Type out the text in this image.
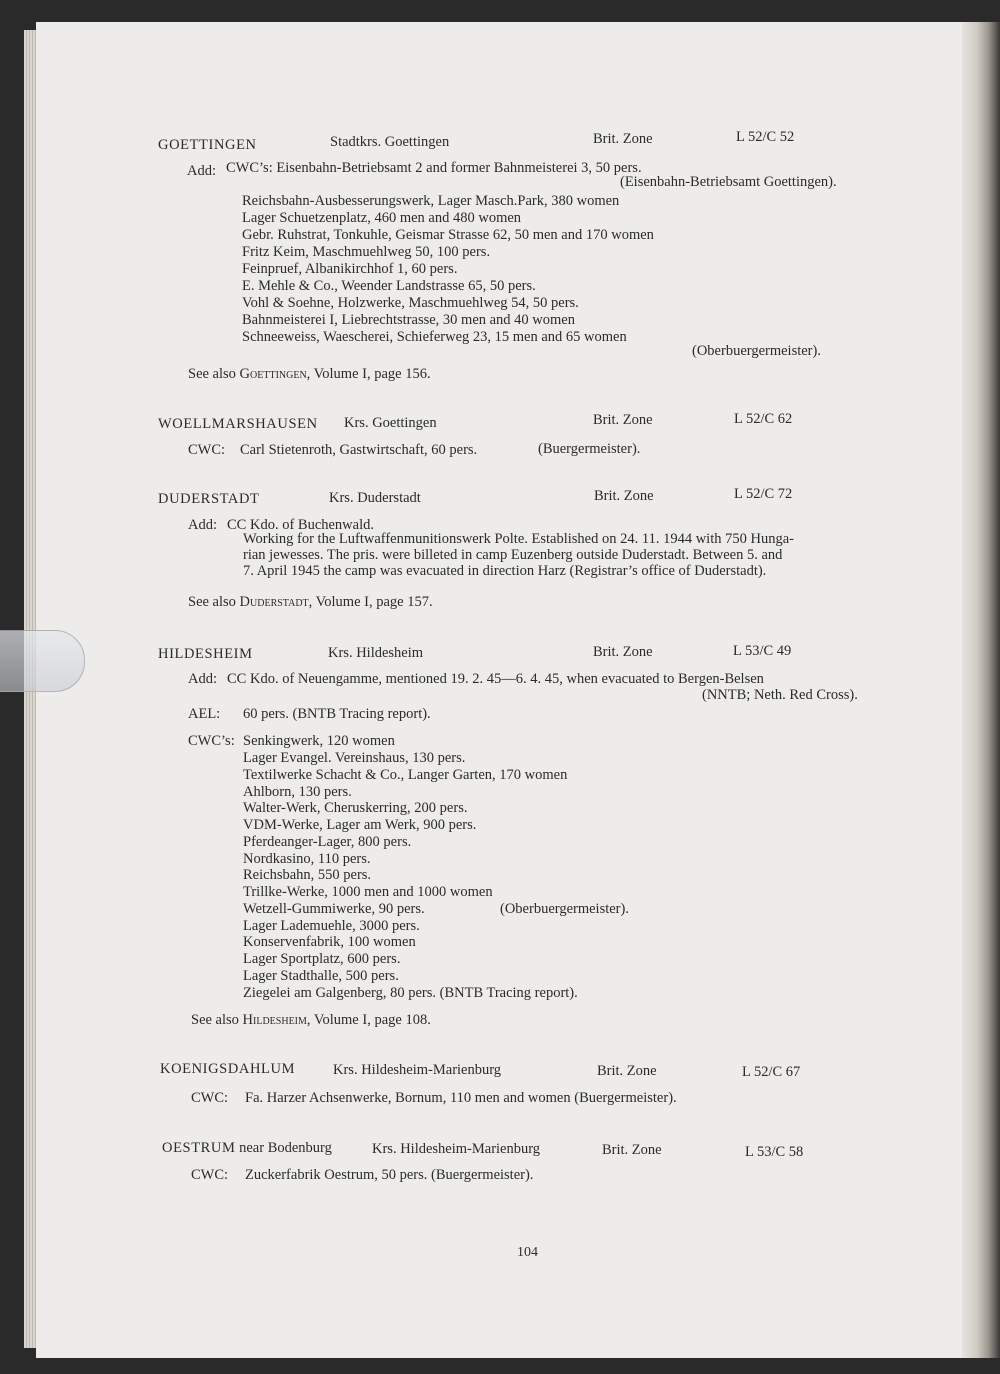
GOETTINGEN	Stadtkrs. Goettingen	Brit. Zone	L 52/C 52
Add: CWC’s: Eisenbahn-Betriebsamt 2 and former Bahnmeisterei 3, 50 pers.
(Eisenbahn-Betriebsamt Goettingen).
Reichsbahn-Ausbesserungswerk, Lager Masch.Park, 380 women
Lager Schuetzenplatz, 460 men and 480 women
Gebr. Ruhstrat, Tonkuhle, Geismar Strasse 62, 50 men and 170 women
Fritz Keim, Maschmuehlweg 50, 100 pers.
Feinpruef, Albanikirchhof 1, 60 pers.
E. Mehle & Co., Weender Landstrasse 65, 50 pers.
Vohl & Soehne, Holzwerke, Maschmuehlweg 54, 50 pers.
Bahnmeisterei I, Liebrechtstrasse, 30 men and 40 women
Schneeweiss, Waescherei, Schieferweg 23, 15 men and 65 women
(Oberbuergermeister).
See also Goettingen, Volume I, page 156.
WOELLMARSHAUSEN Krs. Goettingen	Brit. Zone	L 52/C 62
CWC: Carl Stietenroth, Gastwirtschaft, 60 pers.	(Buergermeister).
DUDERSTADT	Krs. Duderstadt	Brit. Zone	L 52/C 72
Add: CC Kdo. of Buchenwald.
Working for the Luftwaffenmunitionswerk Polte. Established on 24. 11. 1944 with 750 Hunga-
rian jewesses. The pris. were billeted in camp Euzenberg outside Duderstadt. Between 5. and
7. April 1945 the camp was evacuated in direction Harz (Registrar’s office of Duderstadt).
See also Duderstadt, Volume I, page 157.
HILDESHEIM	Krs. Hildesheim	Brit. Zone	L 53/C 49
Add: CC Kdo. of Neuengamme, mentioned 19. 2. 45—6. 4. 45, when evacuated to Bergen-Belsen
(NNTB; Neth. Red Cross).
AEL: 60 pers. (BNTB Tracing report).
CWC’s: Senkingwerk, 120 women
Lager Evangel. Vereinshaus, 130 pers.
Textilwerke Schacht & Co., Langer Garten, 170 women
Ahlborn, 130 pers.
Walter-Werk, Cheruskerring, 200 pers.
VDM-Werke, Lager am Werk, 900 pers.
Pferdeanger-Lager, 800 pers.
Nordkasino, 110 pers.
Reichsbahn, 550 pers.
Trillke-Werke, 1000 men and 1000 women
Wetzell-Gummiwerke, 90 pers.	(Oberbuergermeister).
Lager Lademuehle, 3000 pers.
Konservenfabrik, 100 women
Lager Sportplatz, 600 pers.
Lager Stadthalle, 500 pers.
Ziegelei am Galgenberg, 80 pers. (BNTB Tracing report).
See also Hildesheim, Volume I, page 108.
KOENIGSDAHLUM	Krs. Hildesheim-Marienburg	Brit. Zone	L 52/C 67
CWC: Fa. Harzer Achsenwerke, Bornum, 110 men and women (Buergermeister).
OESTRUM near Bodenburg	Krs. Hildesheim-Marienburg	Brit. Zone	L 53/C 58
CWC: Zuckerfabrik Oestrum, 50 pers. (Buergermeister).
104
